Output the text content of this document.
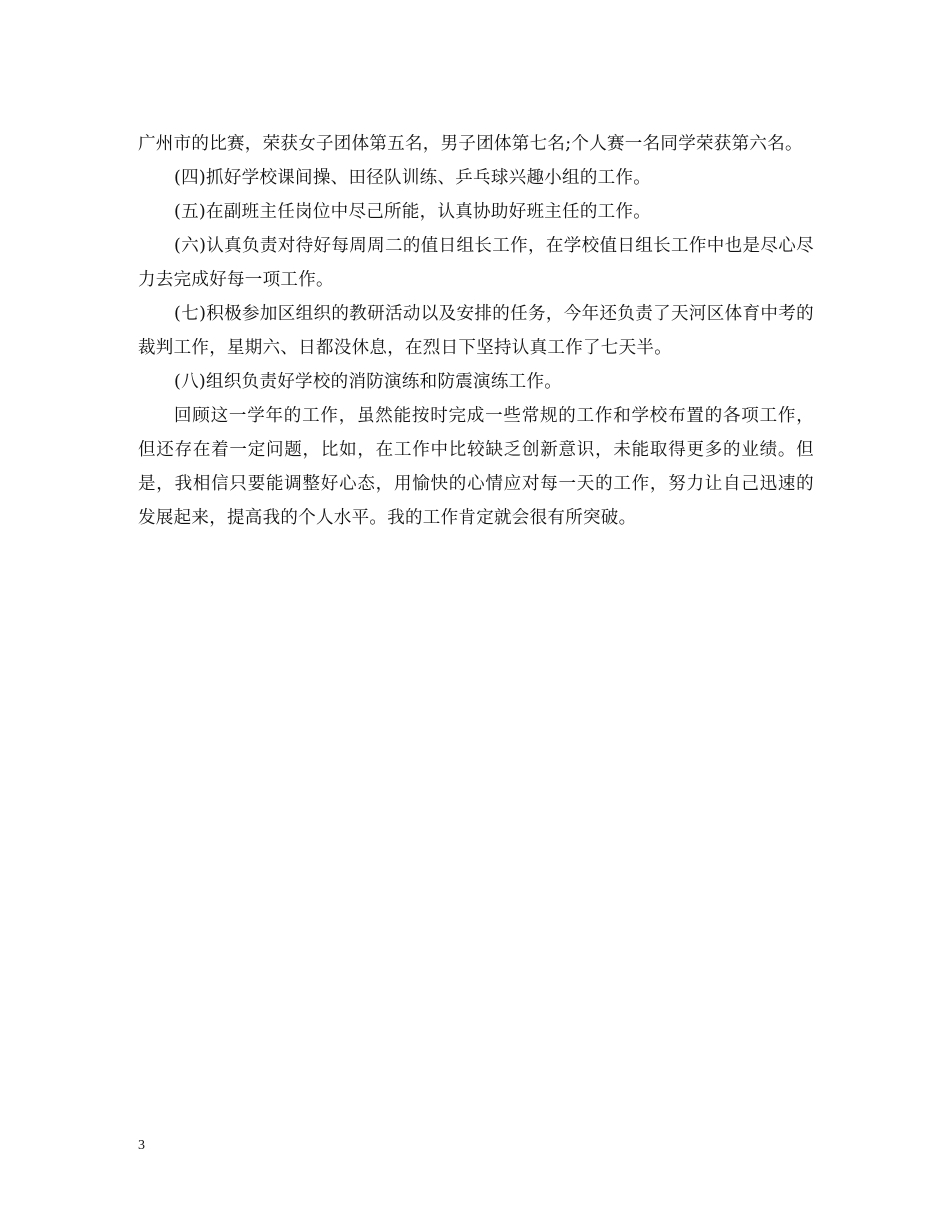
广州市的比赛，荣获女子团体第五名，男子团体第七名;个人赛一名同学荣获第六名。

(四)抓好学校课间操、田径队训练、乒乓球兴趣小组的工作。

(五)在副班主任岗位中尽己所能，认真协助好班主任的工作。

(六)认真负责对待好每周周二的值日组长工作，在学校值日组长工作中也是尽心尽力去完成好每一项工作。

(七)积极参加区组织的教研活动以及安排的任务，今年还负责了天河区体育中考的裁判工作，星期六、日都没休息，在烈日下坚持认真工作了七天半。

(八)组织负责好学校的消防演练和防震演练工作。

回顾这一学年的工作，虽然能按时完成一些常规的工作和学校布置的各项工作，但还存在着一定问题，比如，在工作中比较缺乏创新意识，未能取得更多的业绩。但是，我相信只要能调整好心态，用愉快的心情应对每一天的工作，努力让自己迅速的发展起来，提高我的个人水平。我的工作肯定就会很有所突破。

3
